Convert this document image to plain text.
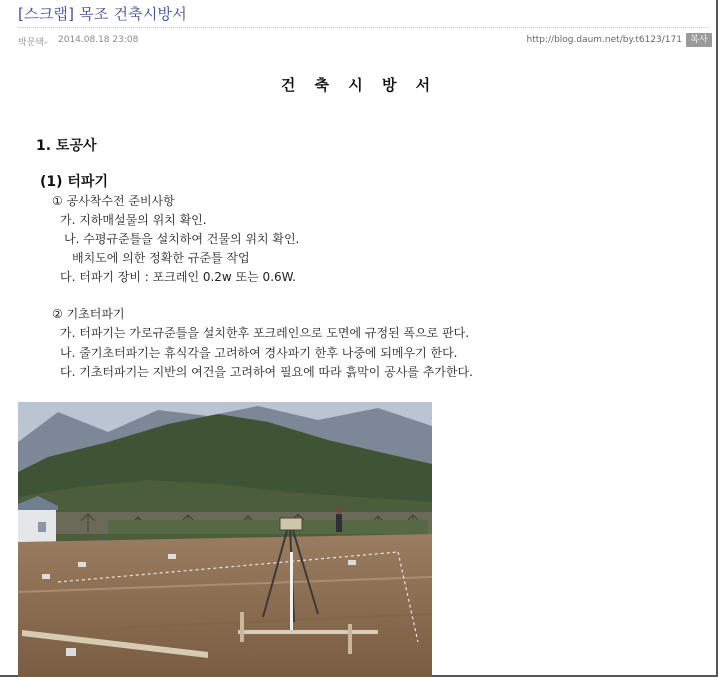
[스크랩] 목조 건축시방서
박문택- 2014.08.18 23:08	http://blog.daum.net/by.t6123/171 복사
건 축 시 방 서
1. 토공사
(1) 터파기
① 공사착수전 준비사항
가. 지하매설물의 위치 확인.
나. 수평규준틀을 설치하여 건물의 위치 확인.
배치도에 의한 정확한 규준틀 작업
다. 터파기 장비 : 포크레인 0.2w 또는 0.6W.
② 기초터파기
가. 터파기는 가로규준틀을 설치한후 포크레인으로 도면에 규정된 폭으로 판다.
나. 줄기초터파기는 휴식각을 고려하여 경사파기 한후 나중에 되메우기 한다.
다. 기초터파기는 지반의 여건을 고려하여 필요에 따라 흙막이 공사를 추가한다.
